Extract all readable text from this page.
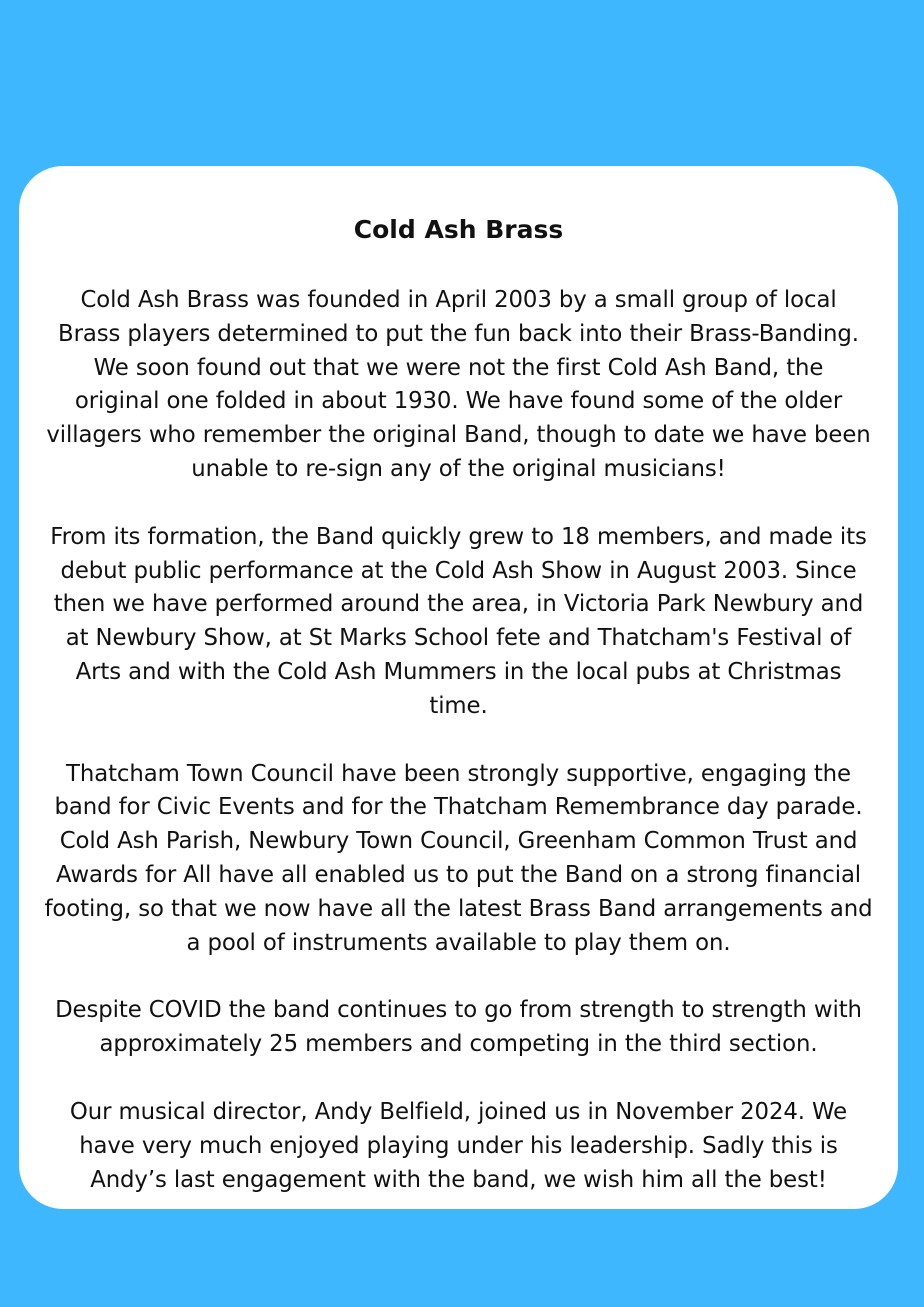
Cold Ash Brass
Cold Ash Brass was founded in April 2003 by a small group of local
Brass players determined to put the fun back into their Brass-Banding.
We soon found out that we were not the first Cold Ash Band, the
original one folded in about 1930. We have found some of the older
villagers who remember the original Band, though to date we have been
unable to re-sign any of the original musicians!
From its formation, the Band quickly grew to 18 members, and made its
debut public performance at the Cold Ash Show in August 2003. Since
then we have performed around the area, in Victoria Park Newbury and
at Newbury Show, at St Marks School fete and Thatcham's Festival of
Arts and with the Cold Ash Mummers in the local pubs at Christmas
time.
Thatcham Town Council have been strongly supportive, engaging the
band for Civic Events and for the Thatcham Remembrance day parade.
Cold Ash Parish, Newbury Town Council, Greenham Common Trust and
Awards for All have all enabled us to put the Band on a strong financial
footing, so that we now have all the latest Brass Band arrangements and
a pool of instruments available to play them on.
Despite COVID the band continues to go from strength to strength with
approximately 25 members and competing in the third section.
Our musical director, Andy Belfield, joined us in November 2024. We
have very much enjoyed playing under his leadership. Sadly this is
Andy’s last engagement with the band, we wish him all the best!
